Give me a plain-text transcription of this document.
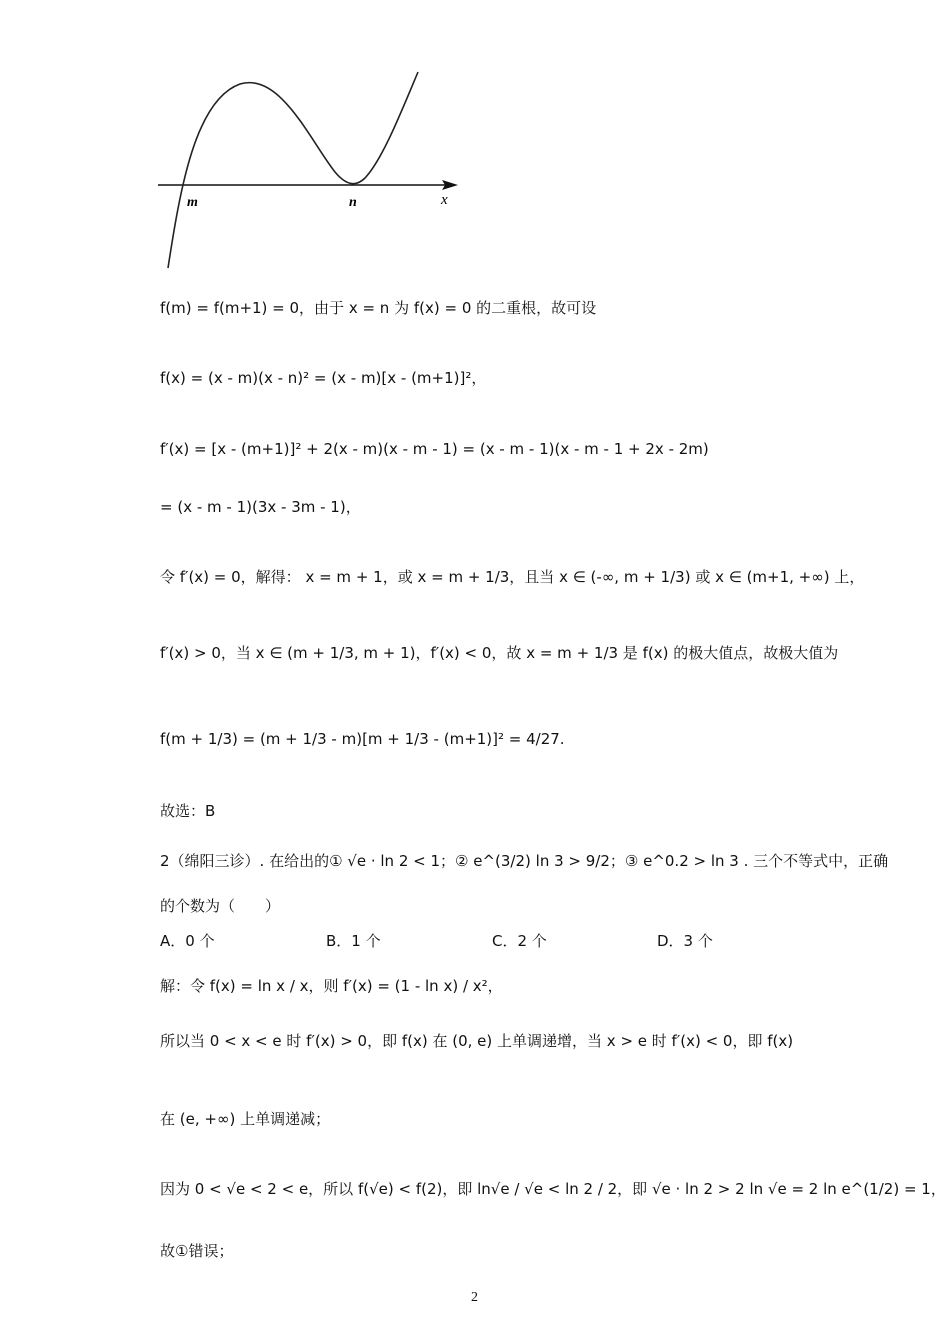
m	n	x
f(m) = f(m+1) = 0，由于 x = n 为 f(x) = 0 的二重根，故可设
f(x) = (x - m)(x - n)² = (x - m)[x - (m+1)]²，
f′(x) = [x - (m+1)]² + 2(x - m)(x - m - 1) = (x - m - 1)(x - m - 1 + 2x - 2m)
= (x - m - 1)(3x - 3m - 1)，
令 f′(x) = 0，解得： x = m + 1，或 x = m + 1/3，且当 x ∈ (-∞, m + 1/3) 或 x ∈ (m+1, +∞) 上，
f′(x) > 0，当 x ∈ (m + 1/3, m + 1)，f′(x) < 0，故 x = m + 1/3 是 f(x) 的极大值点，故极大值为
f(m + 1/3) = (m + 1/3 - m)[m + 1/3 - (m+1)]² = 4/27.
故选：B
2（绵阳三诊）. 在给出的① √e · ln 2 < 1；② e^(3/2) ln 3 > 9/2；③ e^0.2 > ln 3 . 三个不等式中，正确
的个数为（　　）
A．0 个	B．1 个	C．2 个	D．3 个
解：令 f(x) = ln x / x，则 f′(x) = (1 - ln x) / x²，
所以当 0 < x < e 时 f′(x) > 0，即 f(x) 在 (0, e) 上单调递增，当 x > e 时 f′(x) < 0，即 f(x)
在 (e, +∞) 上单调递减；
因为 0 < √e < 2 < e，所以 f(√e) < f(2)，即 ln√e / √e < ln 2 / 2，即 √e · ln 2 > 2 ln √e = 2 ln e^(1/2) = 1，
故①错误；
2
